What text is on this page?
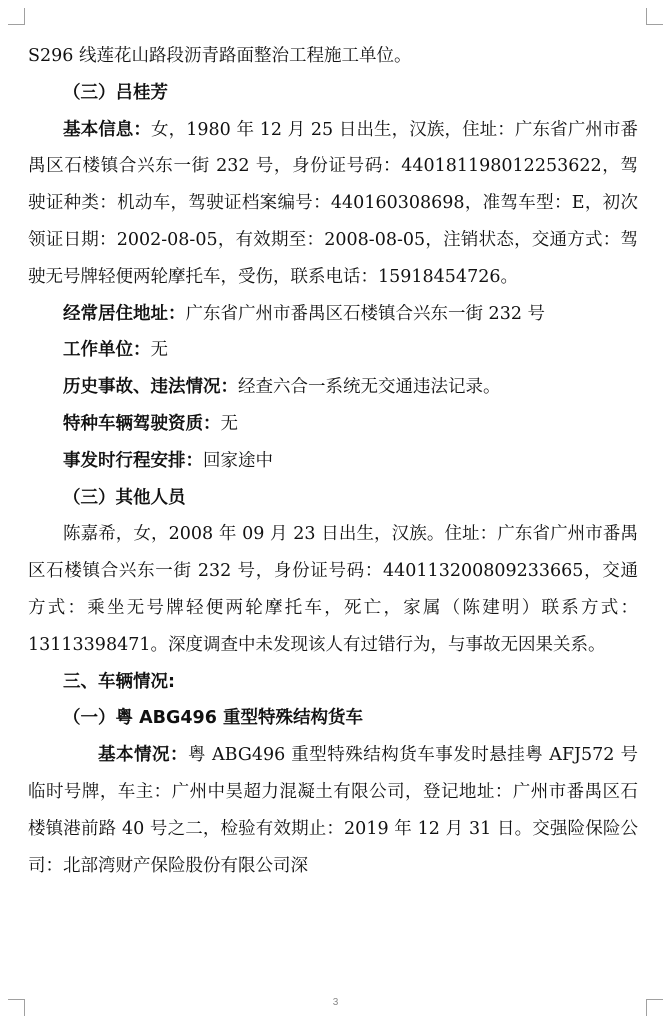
S296 线莲花山路段沥青路面整治工程施工单位。

（三）吕桂芳

基本信息：女，1980 年 12 月 25 日出生，汉族，住址：广东省广州市番禺区石楼镇合兴东一街 232 号，身份证号码：440181198012253622，驾驶证种类：机动车，驾驶证档案编号：440160308698，准驾车型：E，初次领证日期：2002-08-05，有效期至：2008-08-05，注销状态，交通方式：驾驶无号牌轻便两轮摩托车，受伤，联系电话：15918454726。

经常居住地址：广东省广州市番禺区石楼镇合兴东一街 232 号

工作单位：无

历史事故、违法情况：经查六合一系统无交通违法记录。

特种车辆驾驶资质：无

事发时行程安排：回家途中

（三）其他人员

陈嘉希，女，2008 年 09 月 23 日出生，汉族。住址：广东省广州市番禺区石楼镇合兴东一街 232 号，身份证号码：440113200809233665，交通方式：乘坐无号牌轻便两轮摩托车，死亡，家属（陈建明）联系方式：13113398471。深度调查中未发现该人有过错行为，与事故无因果关系。

三、车辆情况:

（一）粤 ABG496 重型特殊结构货车

基本情况：粤 ABG496 重型特殊结构货车事发时悬挂粤 AFJ572 号临时号牌，车主：广州中昊超力混凝土有限公司，登记地址：广州市番禺区石楼镇港前路 40 号之二，检验有效期止：2019 年 12 月 31 日。交强险保险公司：北部湾财产保险股份有限公司深

3
